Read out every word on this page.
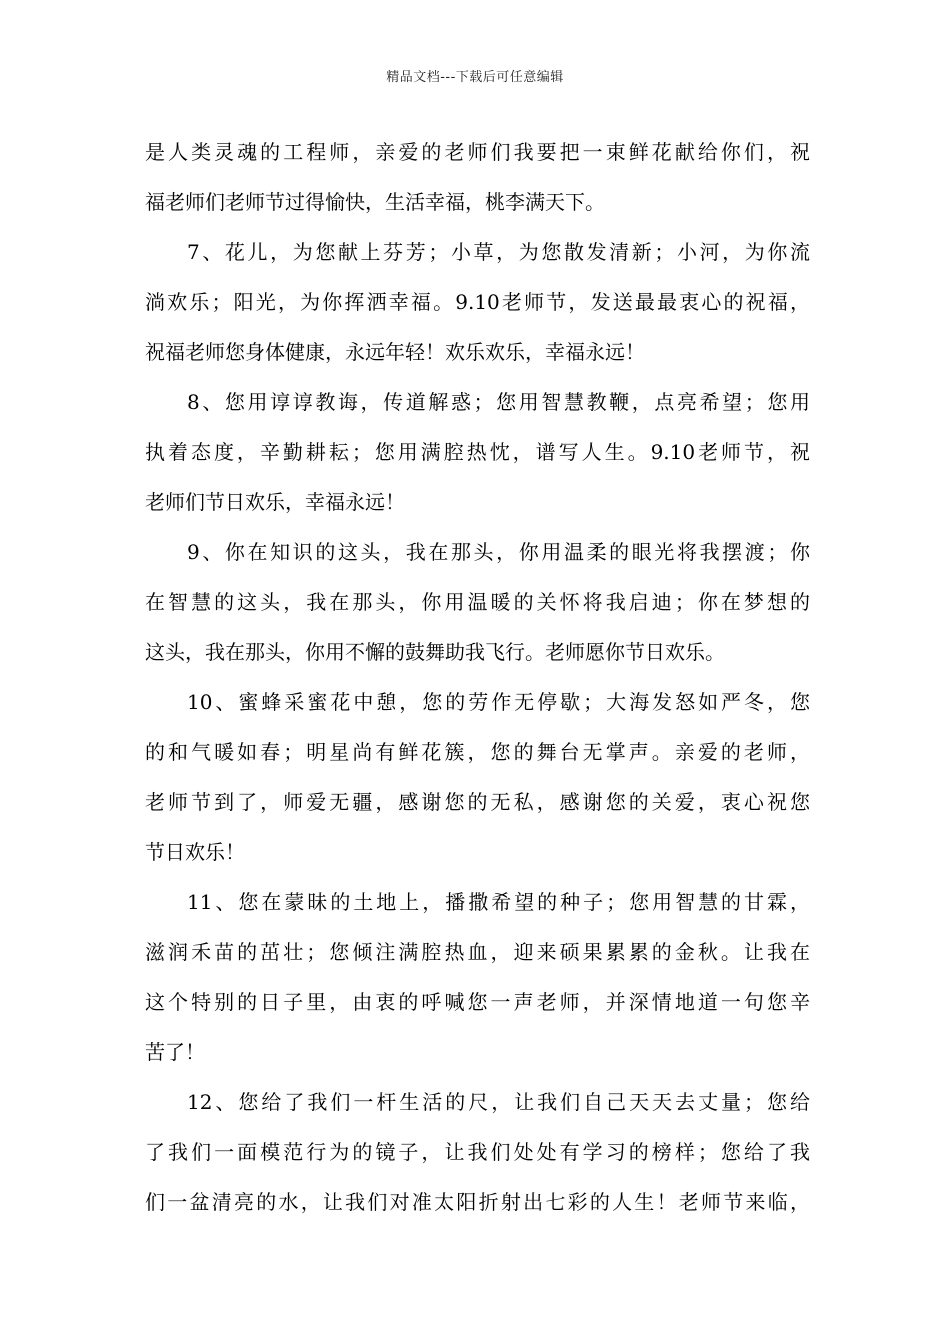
精品文档---下载后可任意编辑
是人类灵魂的工程师，亲爱的老师们我要把一束鲜花献给你们，祝
福老师们老师节过得愉快，生活幸福，桃李满天下。
7、花儿，为您献上芬芳；小草，为您散发清新；小河，为你流
淌欢乐；阳光，为你挥洒幸福。9.10老师节，发送最最衷心的祝福，
祝福老师您身体健康，永远年轻！欢乐欢乐，幸福永远！
8、您用谆谆教诲，传道解惑；您用智慧教鞭，点亮希望；您用
执着态度，辛勤耕耘；您用满腔热忱，谱写人生。9.10老师节，祝
老师们节日欢乐，幸福永远！
9、你在知识的这头，我在那头，你用温柔的眼光将我摆渡；你
在智慧的这头，我在那头，你用温暖的关怀将我启迪；你在梦想的
这头，我在那头，你用不懈的鼓舞助我飞行。老师愿你节日欢乐。
10、蜜蜂采蜜花中憩，您的劳作无停歇；大海发怒如严冬，您
的和气暖如春；明星尚有鲜花簇，您的舞台无掌声。亲爱的老师，
老师节到了，师爱无疆，感谢您的无私，感谢您的关爱，衷心祝您
节日欢乐！
11、您在蒙昧的土地上，播撒希望的种子；您用智慧的甘霖，
滋润禾苗的茁壮；您倾注满腔热血，迎来硕果累累的金秋。让我在
这个特别的日子里，由衷的呼喊您一声老师，并深情地道一句您辛
苦了！
12、您给了我们一杆生活的尺，让我们自己天天去丈量；您给
了我们一面模范行为的镜子，让我们处处有学习的榜样；您给了我
们一盆清亮的水，让我们对准太阳折射出七彩的人生！老师节来临，
